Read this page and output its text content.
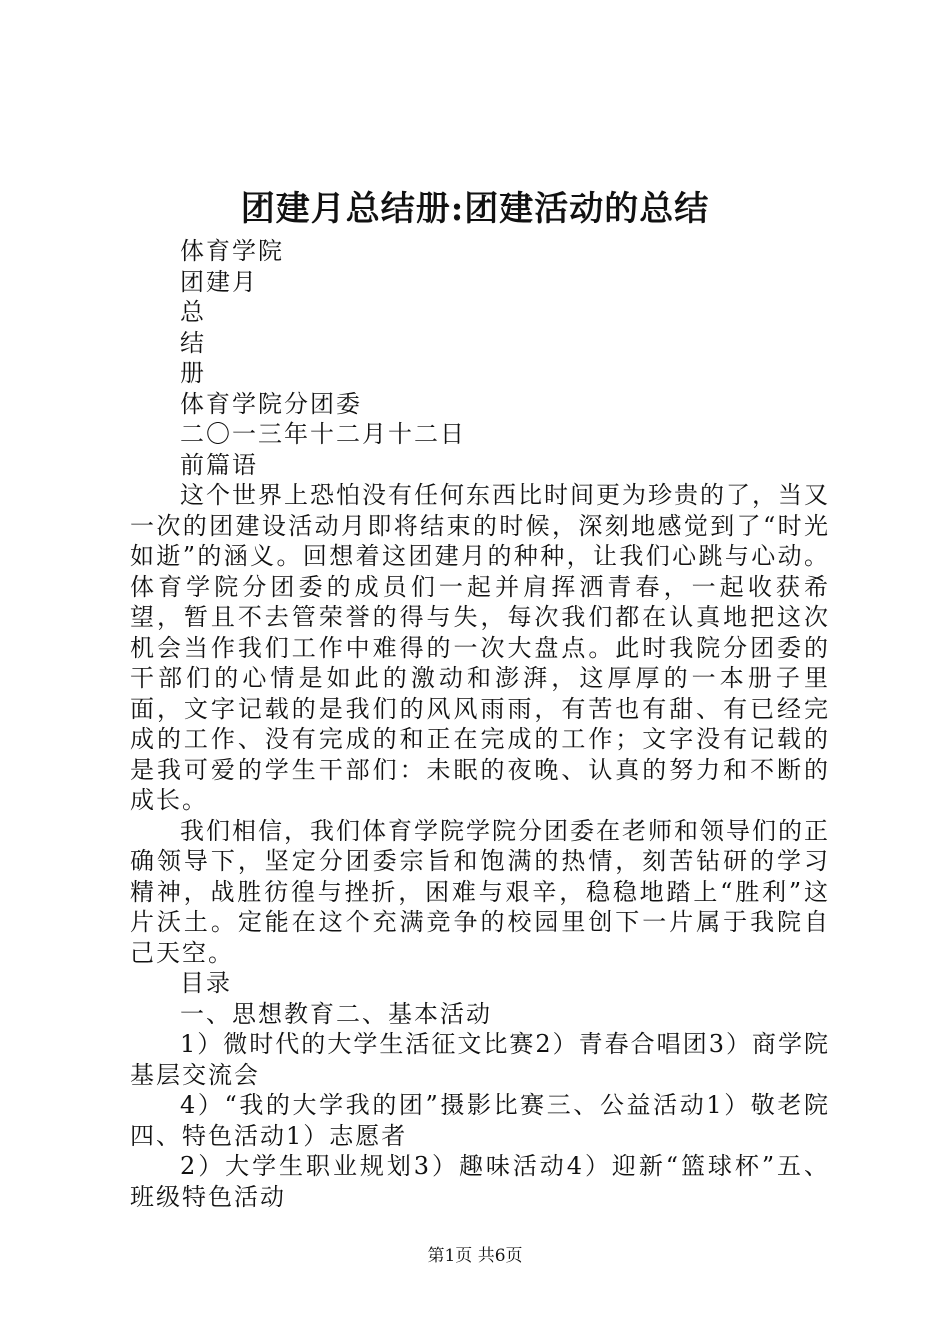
团建月总结册:团建活动的总结
体育学院
团建月
总
结
册
体育学院分团委
二〇一三年十二月十二日
前篇语

这个世界上恐怕没有任何东西比时间更为珍贵的了，当又一次的团建设活动月即将结束的时候，深刻地感觉到了“时光如逝”的涵义。回想着这团建月的种种，让我们心跳与心动。体育学院分团委的成员们一起并肩挥洒青春，一起收获希望，暂且不去管荣誉的得与失，每次我们都在认真地把这次机会当作我们工作中难得的一次大盘点。此时我院分团委的干部们的心情是如此的激动和澎湃，这厚厚的一本册子里面，文字记载的是我们的风风雨雨，有苦也有甜、有已经完成的工作、没有完成的和正在完成的工作；文字没有记载的是我可爱的学生干部们：未眠的夜晚、认真的努力和不断的成长。

我们相信，我们体育学院学院分团委在老师和领导们的正确领导下，坚定分团委宗旨和饱满的热情，刻苦钻研的学习精神，战胜彷徨与挫折，困难与艰辛，稳稳地踏上“胜利”这片沃土。定能在这个充满竞争的校园里创下一片属于我院自己天空。

目录

一、思想教育二、基本活动

1）微时代的大学生活征文比赛2）青春合唱团3）商学院基层交流会

4）“我的大学我的团”摄影比赛三、公益活动1）敬老院四、特色活动1）志愿者

2）大学生职业规划3）趣味活动4）迎新“篮球杯”五、班级特色活动

第1页 共6页
